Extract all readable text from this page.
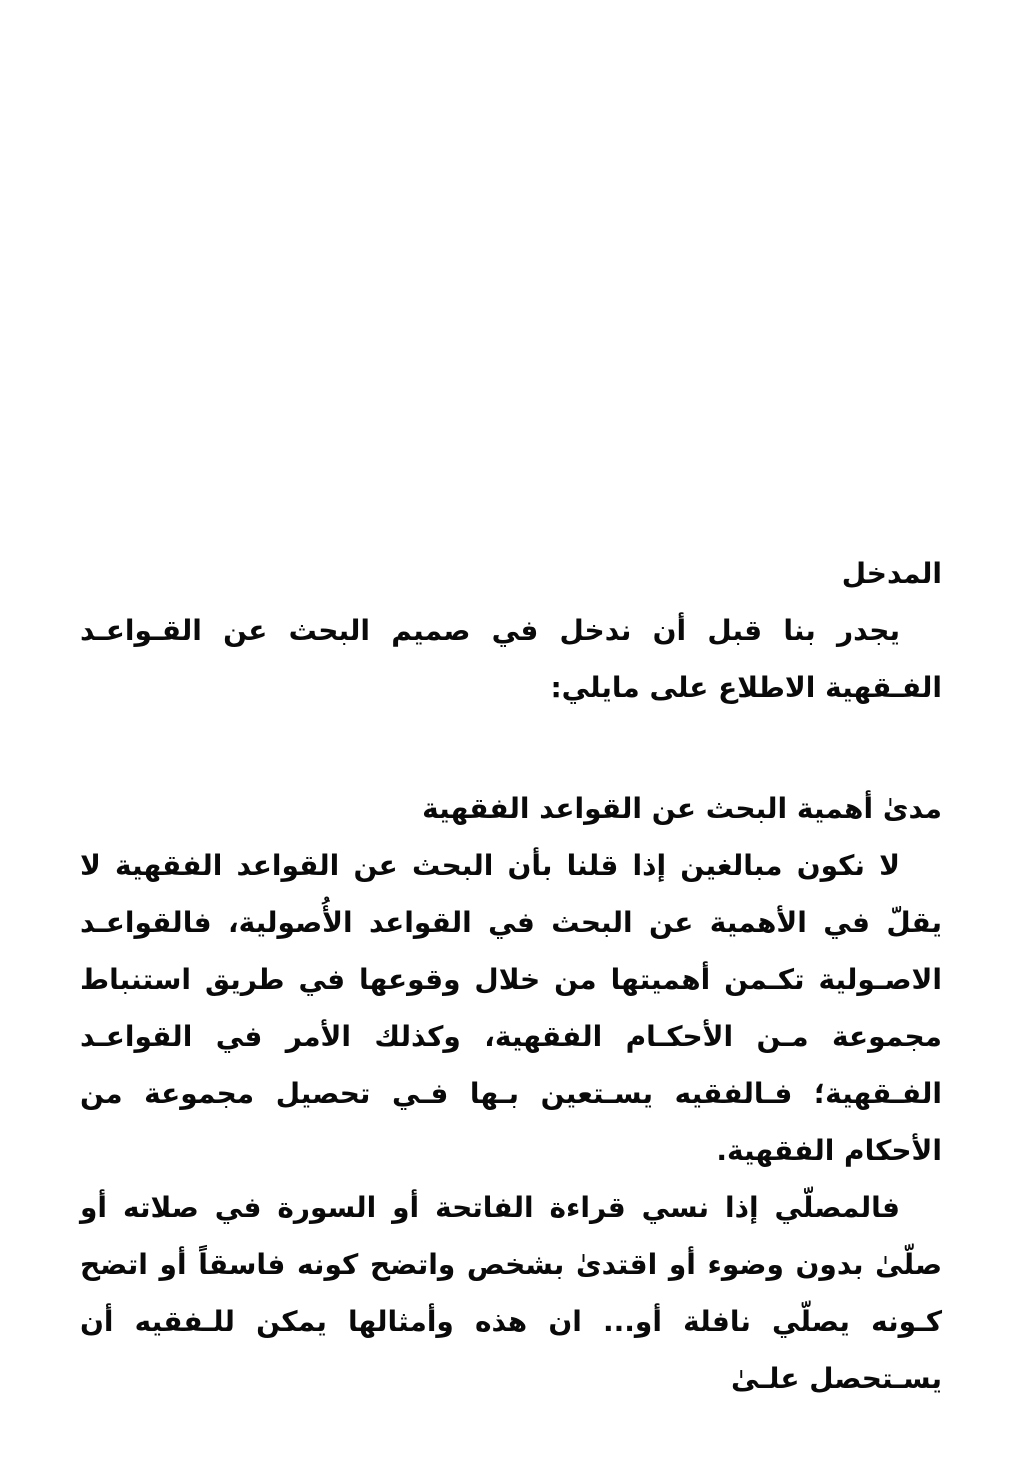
المدخل

يجدر بنا قبل أن ندخل في صميم البحث عن القـواعـد الفـقهية الاطلاع على مايلي:

مدىٰ أهمية البحث عن القواعد الفقهية

لا نكون مبالغين إذا قلنا بأن البحث عن القواعد الفقهية لا يقلّ في الأهمية عن البحث في القواعد الأُصولية، فالقواعـد الاصـولية تكـمن أهميتها من خلال وقوعها في طريق استنباط مجموعة مـن الأحكـام الفقهية، وكذلك الأمر في القواعـد الفـقهية؛ فـالفقيه يسـتعين بـها فـي تحصيل مجموعة من الأحكام الفقهية.

فالمصلّي إذا نسي قراءة الفاتحة أو السورة في صلاته أو صلّىٰ بدون وضوء أو اقتدىٰ بشخص واتضح كونه فاسقاً أو اتضح كـونه يصلّي نافلة أو... ان هذه وأمثالها يمكن للـفقيه أن يسـتحصل علـىٰ
